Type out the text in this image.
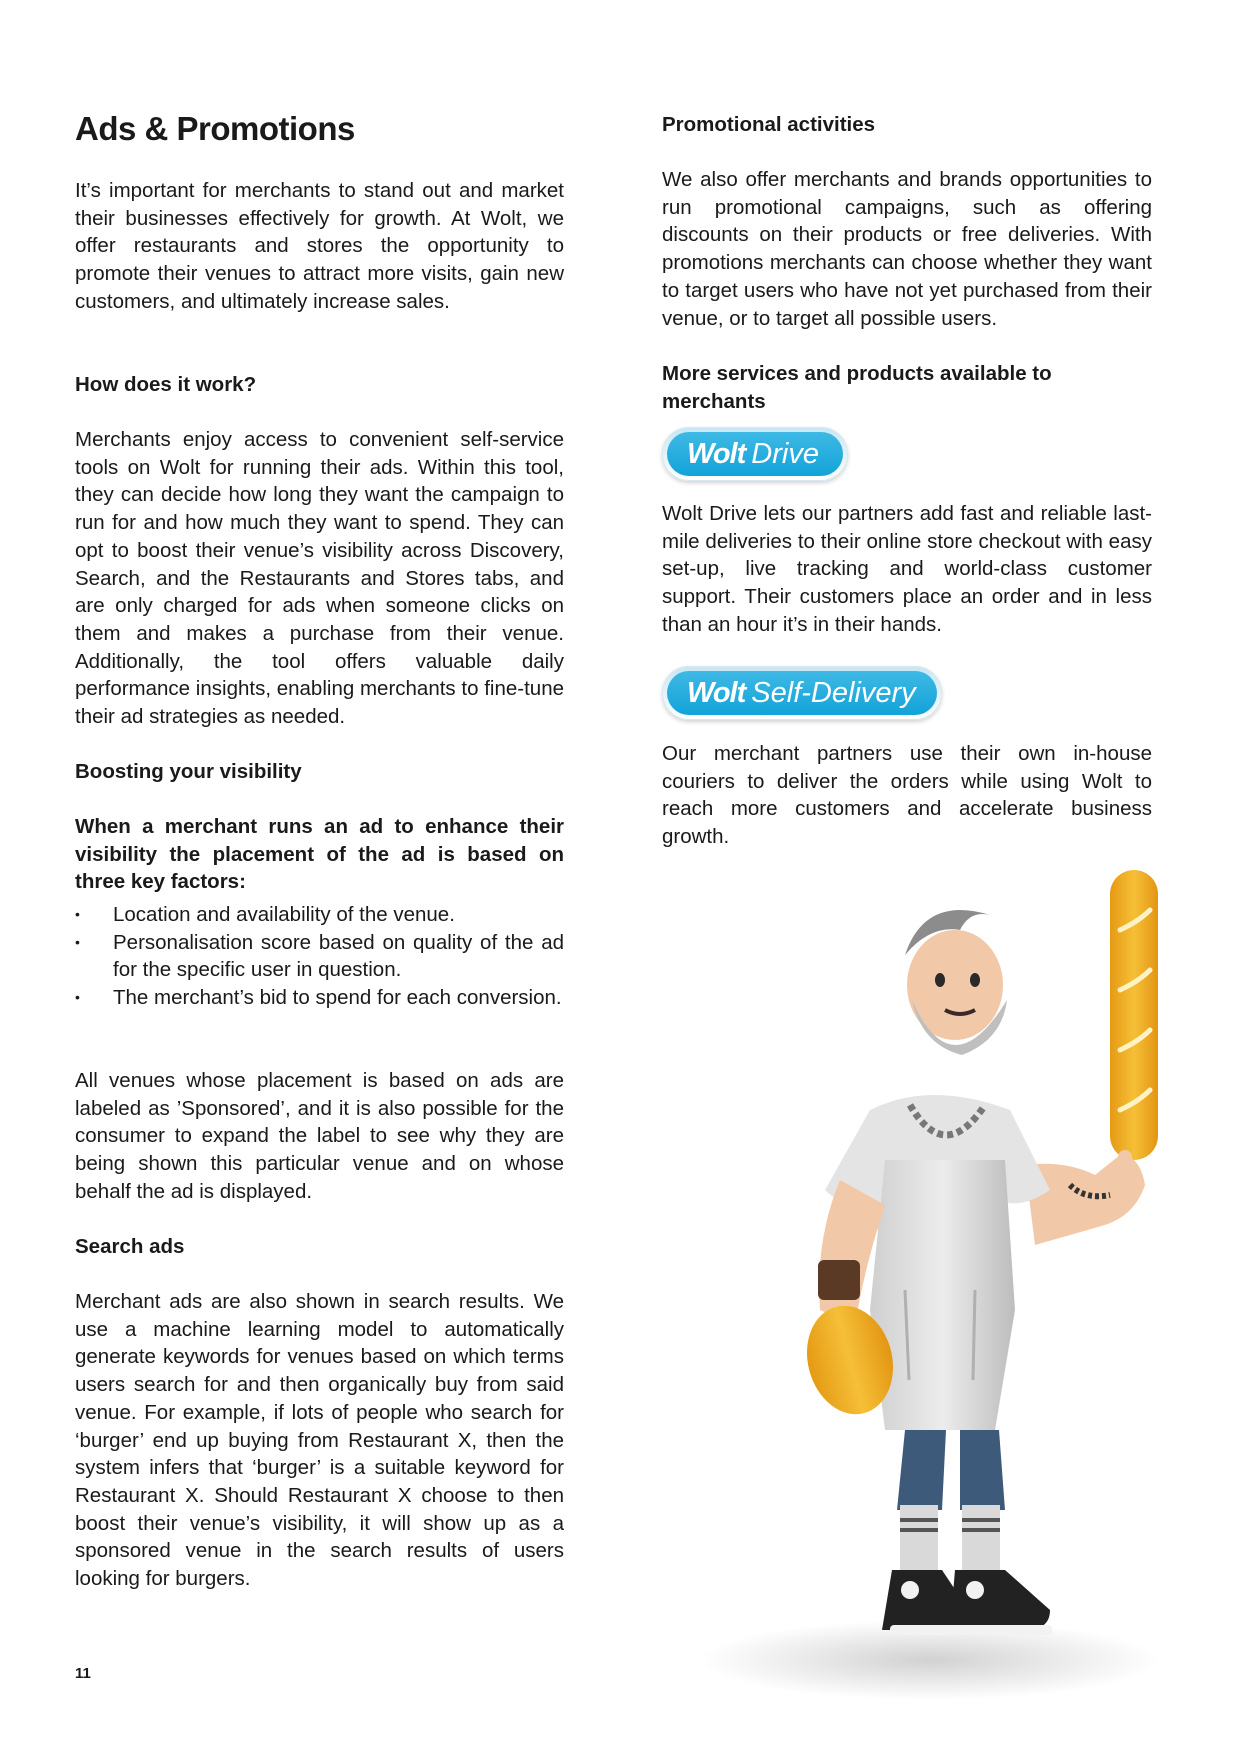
Ads & Promotions

It’s important for merchants to stand out and market their businesses effectively for growth. At Wolt, we offer restaurants and stores the opportunity to promote their venues to attract more visits, gain new customers, and ultimately increase sales.

How does it work?

Merchants enjoy access to convenient self-service tools on Wolt for running their ads. Within this tool, they can decide how long they want the campaign to run for and how much they want to spend. They can opt to boost their venue’s visibility across Discovery, Search, and the Restaurants and Stores tabs, and are only charged for ads when someone clicks on them and makes a purchase from their venue. Additionally, the tool offers valuable daily performance insights, enabling merchants to fine-tune their ad strategies as needed.

Boosting your visibility

When a merchant runs an ad to enhance their visibility the placement of the ad is based on three key factors:

• Location and availability of the venue.
• Personalisation score based on quality of the ad for the specific user in question.
• The merchant’s bid to spend for each conversion.

All venues whose placement is based on ads are labeled as ’Sponsored’, and it is also possible for the consumer to expand the label to see why they are being shown this particular venue and on whose behalf the ad is displayed.

Search ads

Merchant ads are also shown in search results. We use a machine learning model to automatically generate keywords for venues based on which terms users search for and then organically buy from said venue. For example, if lots of people who search for ‘burger’ end up buying from Restaurant X, then the system infers that ‘burger’ is a suitable keyword for Restaurant X. Should Restaurant X choose to then boost their venue’s visibility, it will show up as a sponsored venue in the search results of users looking for burgers.

Promotional activities

We also offer merchants and brands opportunities to run promotional campaigns, such as offering discounts on their products or free deliveries. With promotions merchants can choose whether they want to target users who have not yet purchased from their venue, or to target all possible users.

More services and products available to merchants
Wolt Drive

Wolt Drive lets our partners add fast and reliable last-mile deliveries to their online store checkout with easy set-up, live tracking and world-class customer support. Their customers place an order and in less than an hour it’s in their hands.

Wolt Self-Delivery

Our merchant partners use their own in-house couriers to deliver the orders while using Wolt to reach more customers and accelerate business growth.

11
